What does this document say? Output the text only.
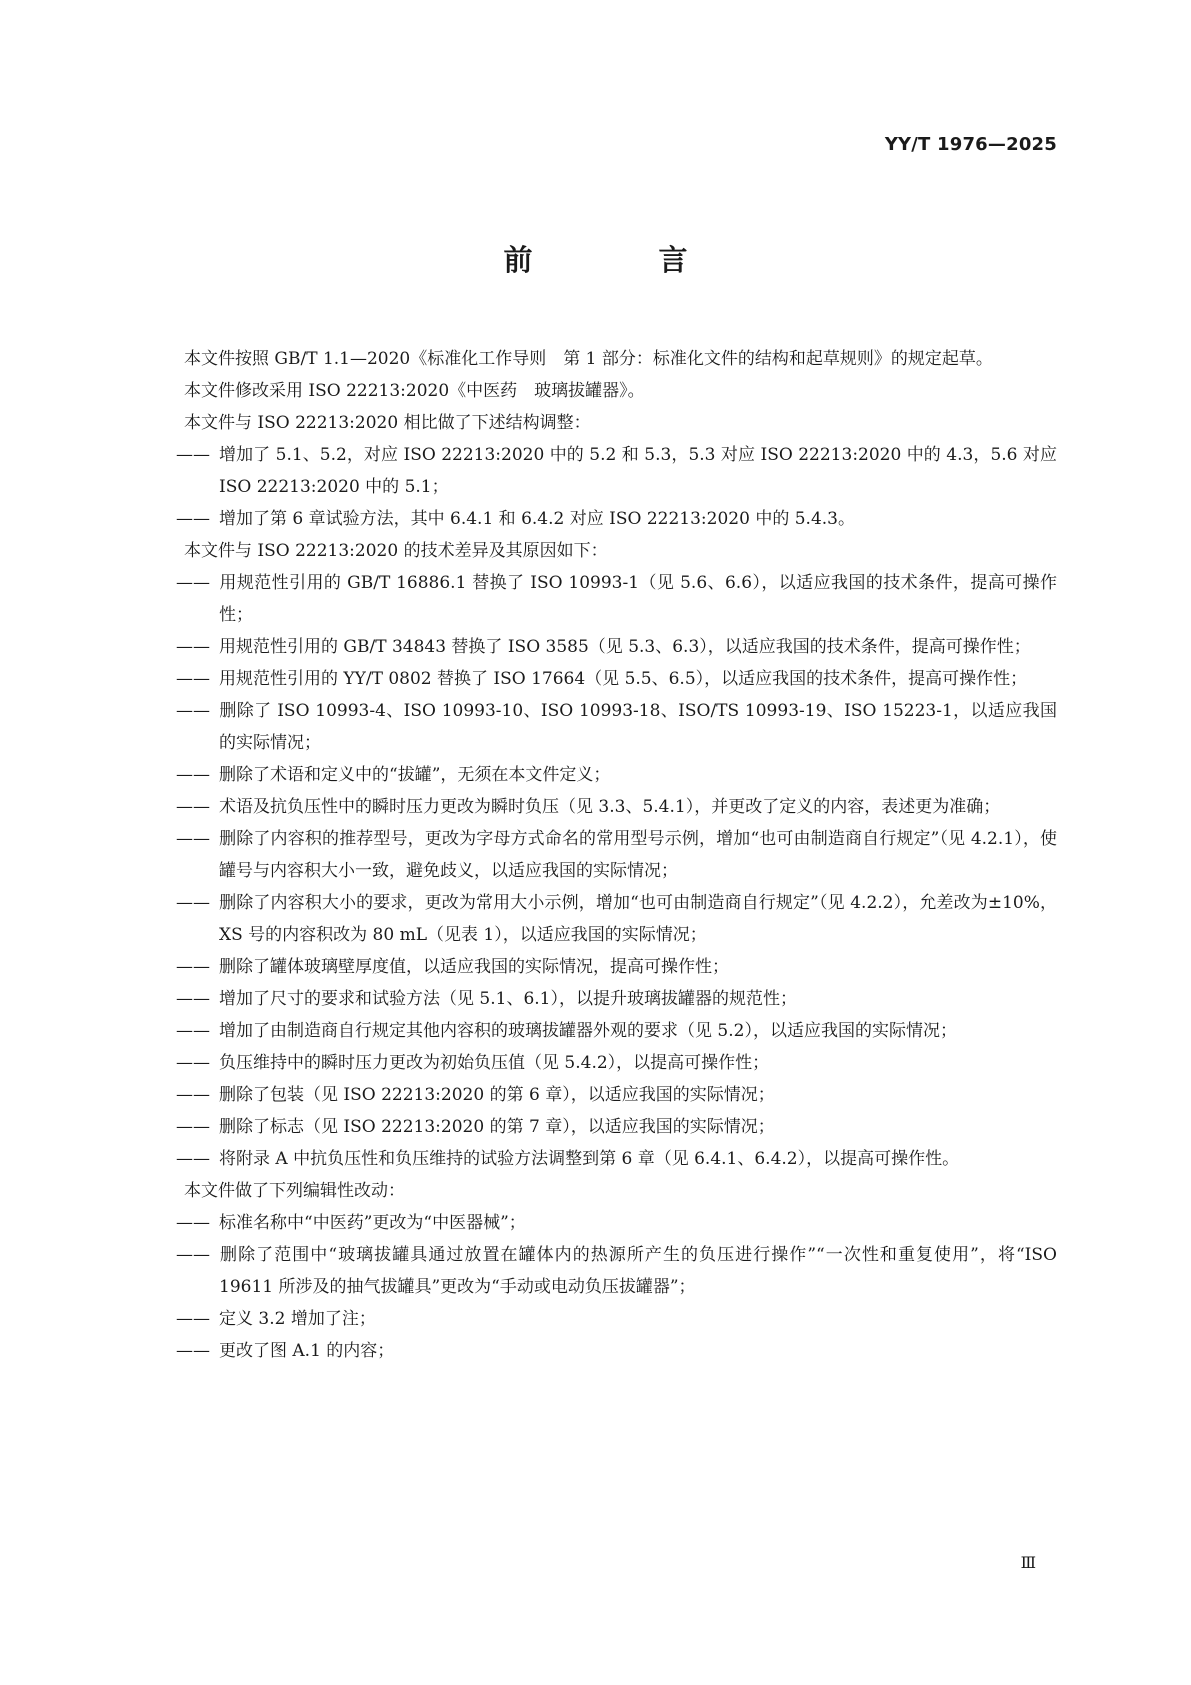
YY/T 1976—2025
前 言

本文件按照 GB/T 1.1—2020《标准化工作导则　第 1 部分：标准化文件的结构和起草规则》的规定起草。

本文件修改采用 ISO 22213:2020《中医药　玻璃拔罐器》。

本文件与 ISO 22213:2020 相比做了下述结构调整：

—— 增加了 5.1、5.2，对应 ISO 22213:2020 中的 5.2 和 5.3，5.3 对应 ISO 22213:2020 中的 4.3，5.6 对应 ISO 22213:2020 中的 5.1；

—— 增加了第 6 章试验方法，其中 6.4.1 和 6.4.2 对应 ISO 22213:2020 中的 5.4.3。

本文件与 ISO 22213:2020 的技术差异及其原因如下：

—— 用规范性引用的 GB/T 16886.1 替换了 ISO 10993-1（见 5.6、6.6），以适应我国的技术条件，提高可操作性；

—— 用规范性引用的 GB/T 34843 替换了 ISO 3585（见 5.3、6.3），以适应我国的技术条件，提高可操作性；

—— 用规范性引用的 YY/T 0802 替换了 ISO 17664（见 5.5、6.5），以适应我国的技术条件，提高可操作性；

—— 删除了 ISO 10993-4、ISO 10993-10、ISO 10993-18、ISO/TS 10993-19、ISO 15223-1，以适应我国的实际情况；

—— 删除了术语和定义中的“拔罐”，无须在本文件定义；

—— 术语及抗负压性中的瞬时压力更改为瞬时负压（见 3.3、5.4.1），并更改了定义的内容，表述更为准确；

—— 删除了内容积的推荐型号，更改为字母方式命名的常用型号示例，增加“也可由制造商自行规定”（见 4.2.1），使罐号与内容积大小一致，避免歧义，以适应我国的实际情况；

—— 删除了内容积大小的要求，更改为常用大小示例，增加“也可由制造商自行规定”（见 4.2.2），允差改为±10%，XS 号的内容积改为 80 mL（见表 1），以适应我国的实际情况；

—— 删除了罐体玻璃壁厚度值，以适应我国的实际情况，提高可操作性；

—— 增加了尺寸的要求和试验方法（见 5.1、6.1），以提升玻璃拔罐器的规范性；

—— 增加了由制造商自行规定其他内容积的玻璃拔罐器外观的要求（见 5.2），以适应我国的实际情况；

—— 负压维持中的瞬时压力更改为初始负压值（见 5.4.2），以提高可操作性；

—— 删除了包装（见 ISO 22213:2020 的第 6 章），以适应我国的实际情况；

—— 删除了标志（见 ISO 22213:2020 的第 7 章），以适应我国的实际情况；

—— 将附录 A 中抗负压性和负压维持的试验方法调整到第 6 章（见 6.4.1、6.4.2），以提高可操作性。

本文件做了下列编辑性改动：

—— 标准名称中“中医药”更改为“中医器械”；

—— 删除了范围中“玻璃拔罐具通过放置在罐体内的热源所产生的负压进行操作”“一次性和重复使用”，将“ISO 19611 所涉及的抽气拔罐具”更改为“手动或电动负压拔罐器”；

—— 定义 3.2 增加了注；

—— 更改了图 A.1 的内容；

Ⅲ
